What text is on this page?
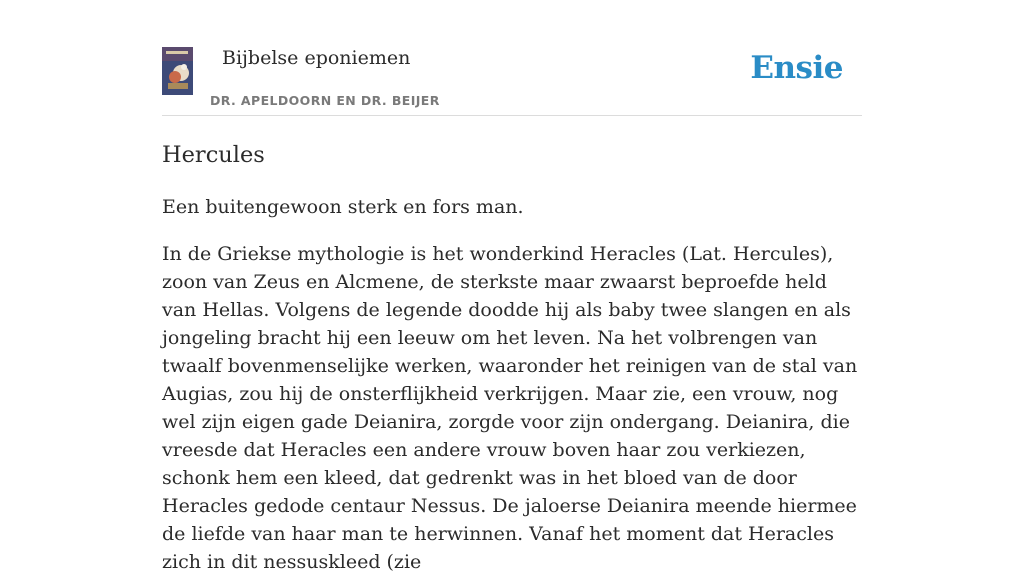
Bijbelse eponiemen
DR. APELDOORN EN DR. BEIJER
Ensie
Hercules

Een buitengewoon sterk en fors man.

In de Griekse mythologie is het wonderkind Heracles (Lat. Hercules), zoon van Zeus en Alcmene, de sterkste maar zwaarst beproefde held van Hellas. Volgens de legende doodde hij als baby twee slangen en als jongeling bracht hij een leeuw om het leven. Na het volbrengen van twaalf bovenmenselijke werken, waaronder het reinigen van de stal van Augias, zou hij de onsterflijkheid verkrijgen. Maar zie, een vrouw, nog wel zijn eigen gade Deianira, zorgde voor zijn ondergang. Deianira, die vreesde dat Heracles een andere vrouw boven haar zou verkiezen, schonk hem een kleed, dat gedrenkt was in het bloed van de door Heracles gedode centaur Nessus. De jaloerse Deianira meende hiermee de liefde van haar man te herwinnen. Vanaf het moment dat Heracles zich in dit nessuskleed (zie
